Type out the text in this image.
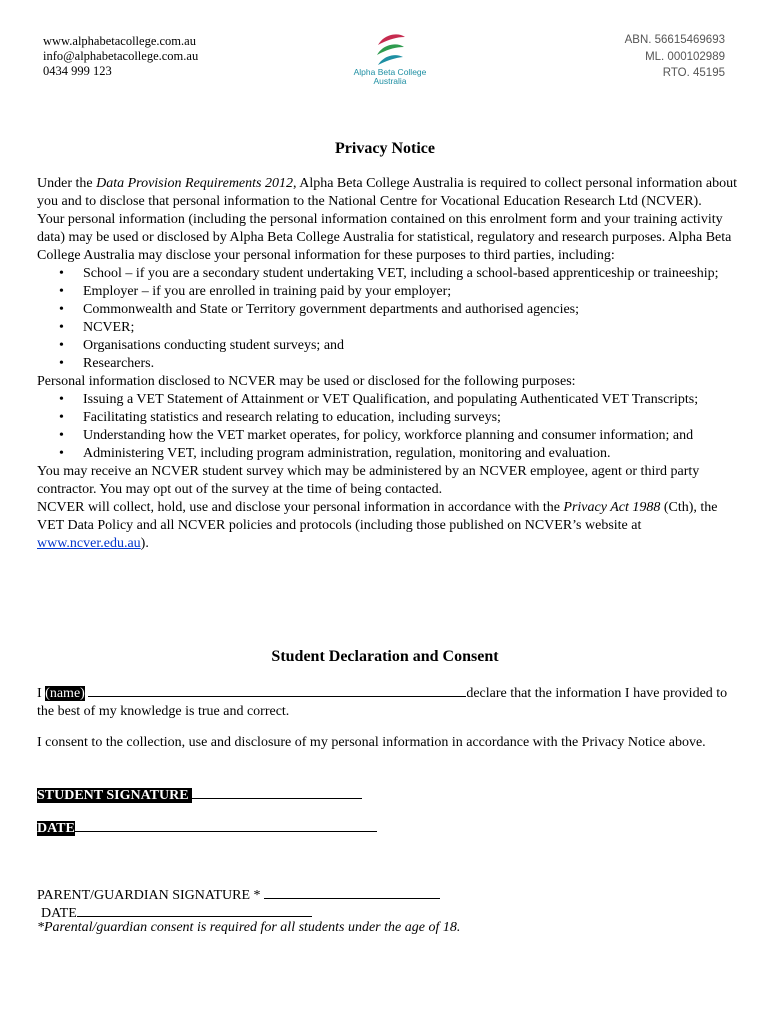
www.alphabetacollege.com.au
info@alphabetacollege.com.au
0434 999 123	Alpha Beta College
Australia
ABN. 56615469693
ML. 000102989
RTO. 45195
Privacy Notice

Under the Data Provision Requirements 2012, Alpha Beta College Australia is required to collect personal information about you and to disclose that personal information to the National Centre for Vocational Education Research Ltd (NCVER).

Your personal information (including the personal information contained on this enrolment form and your training activity data) may be used or disclosed by Alpha Beta College Australia for statistical, regulatory and research purposes. Alpha Beta College Australia may disclose your personal information for these purposes to third parties, including:

• School – if you are a secondary student undertaking VET, including a school-based apprenticeship or traineeship;
• Employer – if you are enrolled in training paid by your employer;
• Commonwealth and State or Territory government departments and authorised agencies;
• NCVER;
• Organisations conducting student surveys; and
• Researchers.

Personal information disclosed to NCVER may be used or disclosed for the following purposes:

• Issuing a VET Statement of Attainment or VET Qualification, and populating Authenticated VET Transcripts;
• Facilitating statistics and research relating to education, including surveys;
• Understanding how the VET market operates, for policy, workforce planning and consumer information; and
• Administering VET, including program administration, regulation, monitoring and evaluation.

You may receive an NCVER student survey which may be administered by an NCVER employee, agent or third party contractor. You may opt out of the survey at the time of being contacted.

NCVER will collect, hold, use and disclose your personal information in accordance with the Privacy Act 1988 (Cth), the VET Data Policy and all NCVER policies and protocols (including those published on NCVER’s website at www.ncver.edu.au).

Student Declaration and Consent
I (name)	declare that the information I have provided to the best of my knowledge is true and correct.
I consent to the collection, use and disclosure of my personal information in accordance with the Privacy Notice above.
STUDENT SIGNATURE
DATE
PARENT/GUARDIAN SIGNATURE *
DATE
*Parental/guardian consent is required for all students under the age of 18.
